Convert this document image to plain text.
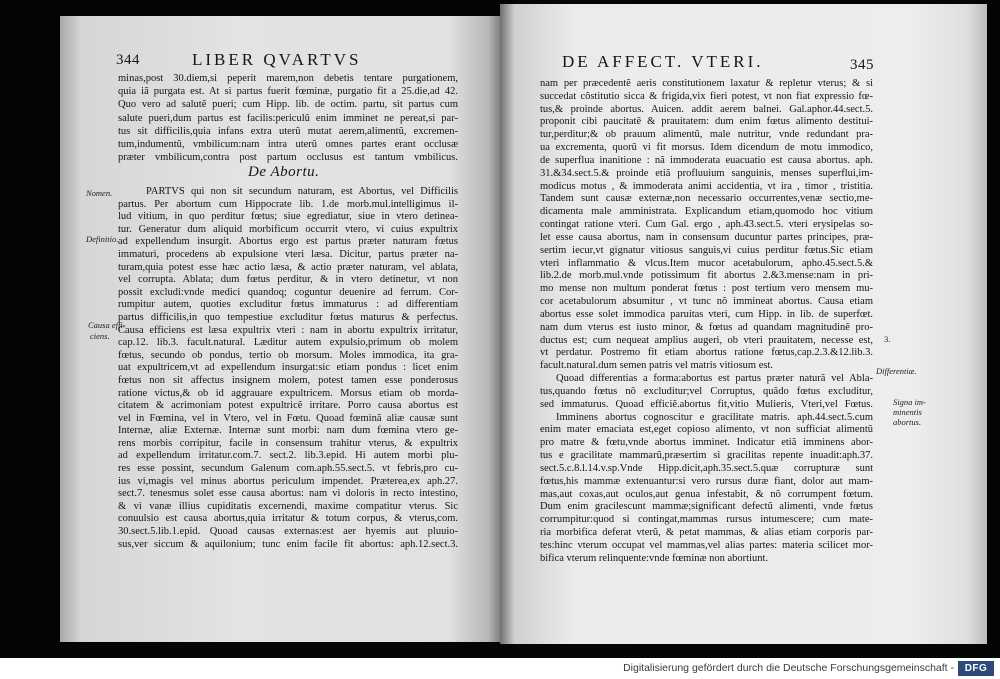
344	LIBER QVARTVS
minas,post 30.diem,si peperit marem,non debetis tentare purgationem,
quia iã purgata est. At si partus fuerit fœminæ, purgatio fit a 25.die,ad 42.
Quo vero ad salutẽ pueri; cum Hipp. lib. de octim. partu, sit partus cum
salute pueri,dum partus est facilis:periculũ enim imminet ne pereat,si par-
tus sit difficilis,quia infans extra uterũ mutat aerem,alimentũ, excremen-
tum,indumentũ, vmbilicum:nam intra uterũ omnes partes erant occlusæ
præter vmbilicum,contra post partum occlusus est tantum vmbilicus.
De Abortu.
PARTVS qui non sit secundum naturam, est Abortus, vel Difficilis
partus. Per abortum cum Hippocrate lib. 1.de morb.mul.intelligimus il-
lud vitium, in quo perditur fœtus; siue egrediatur, siue in vtero detinea-
tur. Generatur dum aliquid morbificum occurrit vtero, vi cuius expultrix
ad expellendum insurgit. Abortus ergo est partus præter naturam fœtus
immaturi, procedens ab expulsione vteri læsa. Dicitur, partus præter na-
turam,quia potest esse hæc actio læsa, & actio præter naturam, vel ablata,
vel corrupta. Ablata; dum fœtus perditur, & in vtero detinetur, vt non
possit excludi:vnde medici quandoq; coguntur deuenire ad ferrum. Cor-
rumpitur autem, quoties excluditur fœtus immaturus : ad differentiam
partus difficilis,in quo tempestiue excluditur fœtus maturus & perfectus.
Causa efficiens est læsa expultrix vteri : nam in abortu expultrix irritatur,
cap.12. lib.3. facult.natural. Læditur autem expulsio,primum ob molem
fœtus, secundo ob pondus, tertio ob morsum. Moles immodica, ita gra-
uat expultricem,vt ad expellendum insurgat:sic etiam pondus : licet enim
fœtus non sit affectus insignem molem, potest tamen esse ponderosus
ratione victus,& ob id aggrauare expultricem. Morsus etiam ob morda-
citatem & acrimoniam potest expultricẽ irritare. Porro causa abortus est
vel in Fœmina, vel in Vtero, vel in Fœtu. Quoad fœminã aliæ causæ sunt
Internæ, aliæ Externæ. Internæ sunt morbi: nam dum fœmina vtero ge-
rens morbis corripitur, facile in consensum trahitur vterus, & expultrix
ad expellendum irritatur.com.7. sect.2. lib.3.epid. Hi autem morbi plu-
res esse possint, secundum Galenum com.aph.55.sect.5. vt febris,pro cu-
ius vi,magis vel minus abortus periculum impendet. Præterea,ex aph.27.
sect.7. tenesmus solet esse causa abortus: nam vi doloris in recto intestino,
& vi vanæ illius cupiditatis excernendi, maxime compatitur vterus. Sic
conuulsio est causa abortus,quia irritatur & totum corpus, & vterus,com.
30.sect.5.lib.1.epid. Quoad causas externas:est aer hyemis aut pluuio-
sus,ver siccum & aquilonium; tunc enim facile fit abortus: aph.12.sect.3.
Nomen.
Definitio.
Causa effi-
ciens.
DE AFFECT. VTERI.	345
nam per præcedentẽ aeris constitutionem laxatur & repletur vterus; & si
succedat cõstitutio sicca & frigida,vix fieri potest, vt non fiat expressio fœ-
tus,& proinde abortus. Auicen. addit aerem balnei. Gal.aphor.44.sect.5.
proponit cibi paucitatẽ & prauitatem: dum enim fœtus alimento destitui-
tur,perditur;& ob prauum alimentũ, male nutritur, vnde redundant pra-
ua excrementa, quorũ vi fit morsus. Idem dicendum de motu immodico,
de superflua inanitione : nã immoderata euacuatio est causa abortus. aph.
31.&34.sect.5.& proinde etiã profluuium sanguinis, menses superflui,im-
modicus motus , & immoderata animi accidentia, vt ira , timor , tristitia.
Tandem sunt causæ externæ,non necessario occurrentes,venæ sectio,me-
dicamenta male amministrata. Explicandum etiam,quomodo hoc vitium
contingat ratione vteri. Cum Gal. ergo , aph.43.sect.5. vteri erysipelas so-
let esse causa abortus, nam in consensum ducuntur partes principes, præ-
sertim iecur,vt gignatur vitiosus sanguis,vi cuius perditur fœtus.Sic etiam
vteri inflammatio & vlcus.Item mucor acetabulorum, apho.45.sect.5.&
lib.2.de morb.mul.vnde potissimum fit abortus 2.&3.mense:nam in pri-
mo mense non multum ponderat fœtus : post tertium vero mensem mu-
cor acetabulorum absumitur , vt tunc nõ immineat abortus. Causa etiam
abortus esse solet immodica paruitas vteri, cum Hipp. in lib. de superfœt.
nam dum vterus est iusto minor, & fœtus ad quandam magnitudinẽ pro-
ductus est; cum nequeat amplius augeri, ob vteri prauitatem, necesse est,
vt perdatur. Postremo fit etiam abortus ratione fœtus,cap.2.3.&12.lib.3.
facult.natural.dum semen patris vel matris vitiosum est.
Quoad differentias a forma:abortus est partus præter naturã vel Abla-
tus,quando fœtus nõ excluditur;vel Corruptus, quãdo fœtus excluditur,
sed immaturus. Quoad efficiẽ.abortus fit,vitio Mulieris, Vteri,vel Fœtus.
Imminens abortus cognoscitur e gracilitate matris. aph.44.sect.5.cum
enim mater emaciata est,eget copioso alimento, vt non sufficiat alimentũ
pro matre & fœtu,vnde abortus imminet. Indicatur etiã imminens abor-
tus e gracilitate mammarũ,præsertim si gracilitas repente inuadit:aph.37.
sect.5.c.8.l.14.v.sp.Vnde Hipp.dicit,aph.35.sect.5.quæ corrupturæ sunt
fœtus,his mammæ extenuantur:si vero rursus duræ fiant, dolor aut mam-
mas,aut coxas,aut oculos,aut genua infestabit, & nõ corrumpent fœtum.
Dum enim gracilescunt mammæ;significant defectũ alimenti, vnde fœtus
corrumpitur:quod si contingat,mammas rursus intumescere; cum mate-
ria morbifica deferat vterũ, & petat mammas, & alias etiam corporis par-
tes:hinc vterum occupat vel mammas,vel alias partes: materia scilicet mor-
bifica vterum relinquente:vnde fœminæ non abortiunt.
3.
Differentiæ.
Signa im-
minentis
abortus.
Digitalisierung gefördert durch die Deutsche Forschungsgemeinschaft -	DFG
